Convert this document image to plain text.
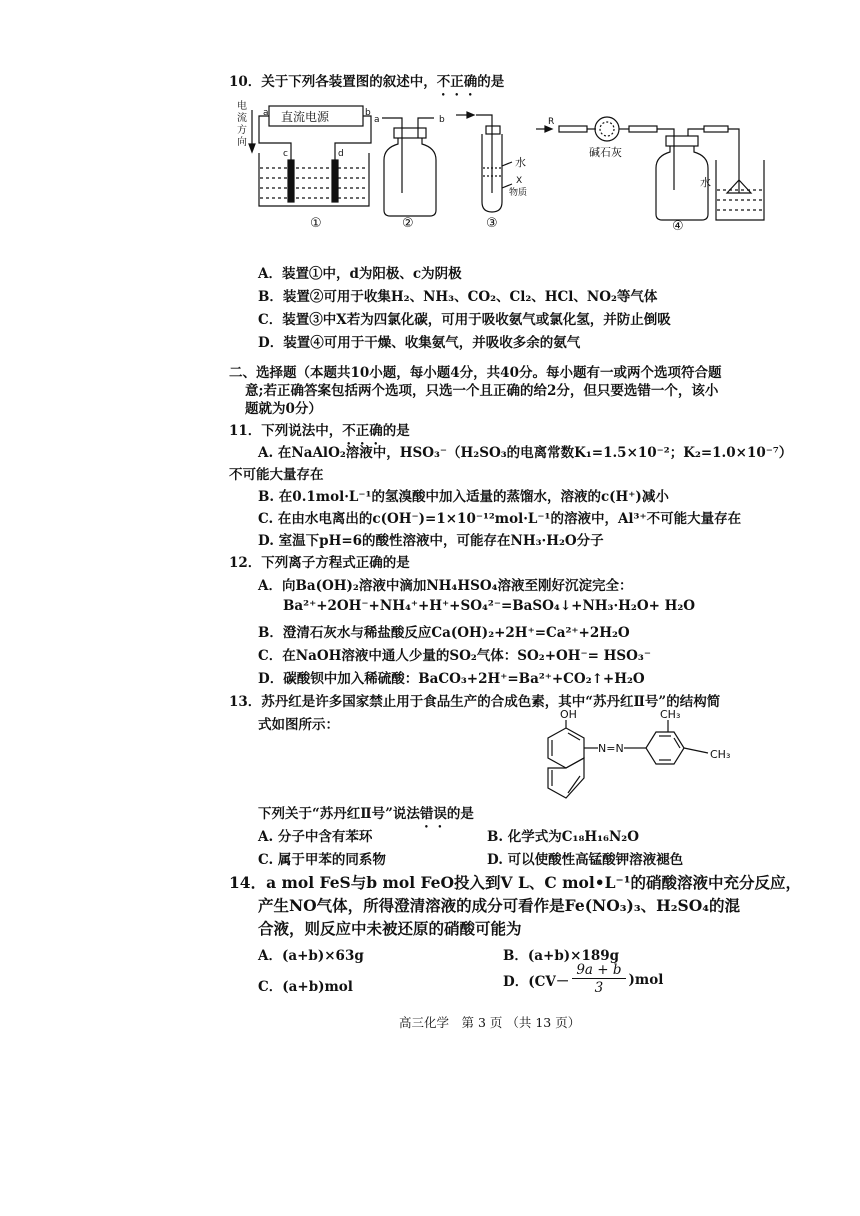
10．关于下列各装置图的叙述中，不正确的是
电
流
方
向
直流电源
a	b
c	d
①
a	b
②
水
X
物质
③
R
碱石灰
水
④
A．装置①中，d为阳极、c为阴极
B．装置②可用于收集H₂、NH₃、CO₂、Cl₂、HCl、NO₂等气体
C．装置③中X若为四氯化碳，可用于吸收氨气或氯化氢，并防止倒吸
D．装置④可用于干燥、收集氨气，并吸收多余的氨气
二、选择题（本题共10小题，每小题4分，共40分。每小题有一或两个选项符合题
意;若正确答案包括两个选项，只选一个且正确的给2分，但只要选错一个，该小
题就为0分）
11．下列说法中，不正确的是
A. 在NaAlO₂溶液中，HSO₃⁻（H₂SO₃的电离常数K₁=1.5×10⁻²；K₂=1.0×10⁻⁷）
不可能大量存在
B. 在0.1mol·L⁻¹的氢溴酸中加入适量的蒸馏水，溶液的c(H⁺)减小
C. 在由水电离出的c(OH⁻)=1×10⁻¹²mol·L⁻¹的溶液中，Al³⁺不可能大量存在
D. 室温下pH=6的酸性溶液中，可能存在NH₃·H₂O分子
12．下列离子方程式正确的是
A．向Ba(OH)₂溶液中滴加NH₄HSO₄溶液至刚好沉淀完全：
Ba²⁺+2OH⁻+NH₄⁺+H⁺+SO₄²⁻=BaSO₄↓+NH₃·H₂O+ H₂O
B．澄清石灰水与稀盐酸反应Ca(OH)₂+2H⁺=Ca²⁺+2H₂O
C．在NaOH溶液中通人少量的SO₂气体：SO₂+OH⁻= HSO₃⁻
D．碳酸钡中加入稀硫酸：BaCO₃+2H⁺=Ba²⁺+CO₂↑+H₂O
13．苏丹红是许多国家禁止用于食品生产的合成色素，其中“苏丹红Ⅱ号”的结构简
式如图所示：
OH	CH₃
CH₃
N=N
下列关于“苏丹红Ⅱ号”说法错误的是
A. 分子中含有苯环	B. 化学式为C₁₈H₁₆N₂O
C. 属于甲苯的同系物	D. 可以使酸性高锰酸钾溶液褪色
14．a mol FeS与b mol FeO投入到V L、C mol•L⁻¹的硝酸溶液中充分反应，
产生NO气体，所得澄清溶液的成分可看作是Fe(NO₃)₃、H₂SO₄的混
合液，则反应中未被还原的硝酸可能为
A．(a+b)×63g	B．(a+b)×189g
C．(a+b)mol	D．(CV－
9a + b
3
)mol
高三化学　第 3 页 （共 13 页）
